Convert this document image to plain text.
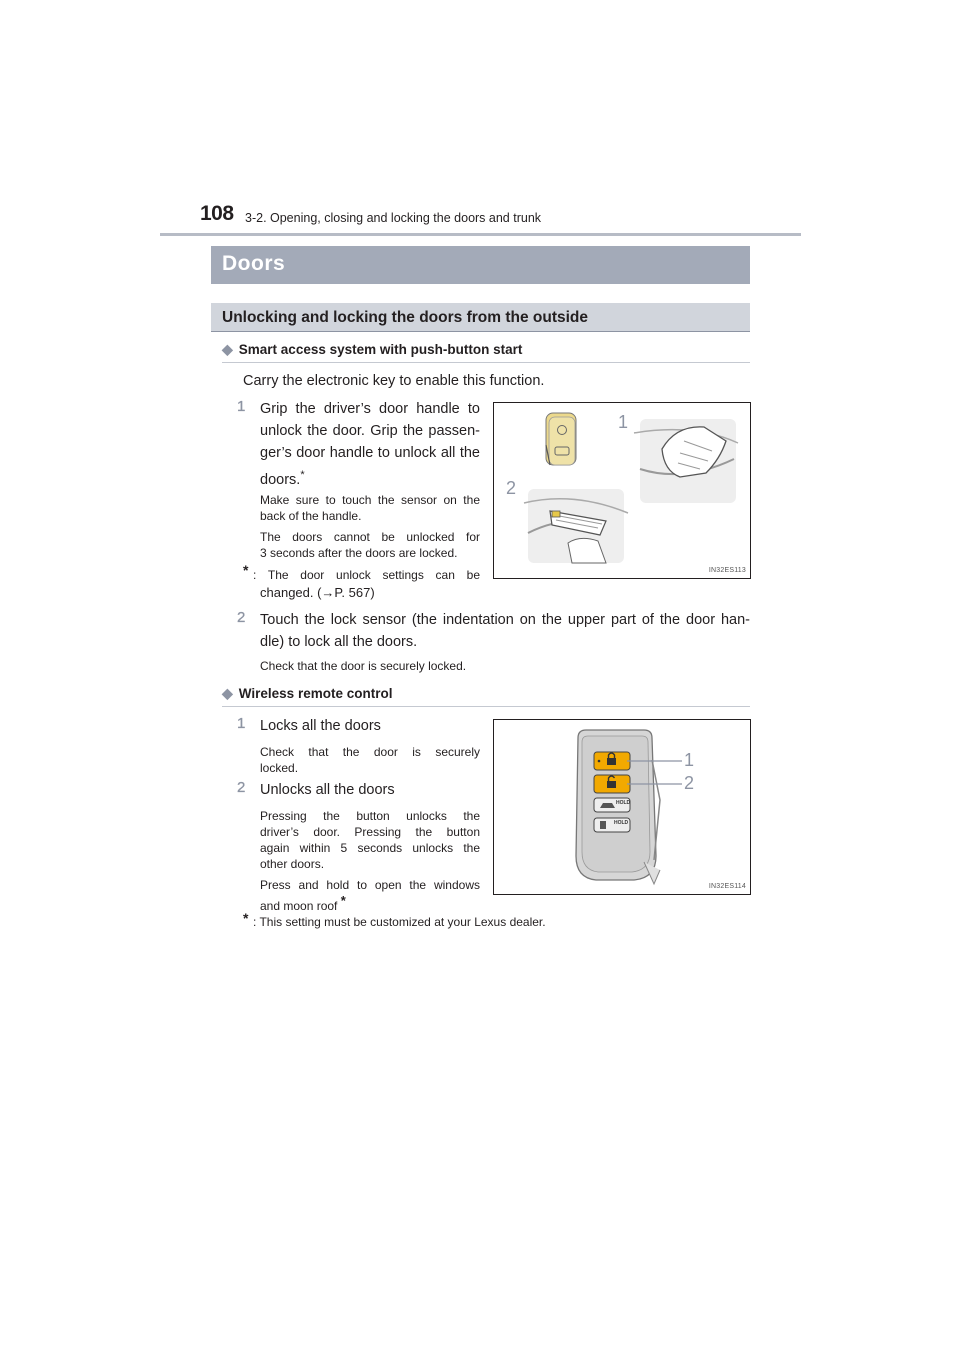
108 3-2. Opening, closing and locking the doors and trunk
Doors
Unlocking and locking the doors from the outside
◆ Smart access system with push-button start
Carry the electronic key to enable this function.
1 Grip the driver’s door handle to
unlock the door. Grip the passen-
ger’s door handle to unlock all the
doors.*
Make sure to touch the sensor on the
back of the handle.
The doors cannot be unlocked for
3 seconds after the doors are locked.
* : The door unlock settings can be
changed. (→P. 567)
1
2
IN32ES113
2 Touch the lock sensor (the indentation on the upper part of the door han-
dle) to lock all the doors.
Check that the door is securely locked.
◆ Wireless remote control
1 Locks all the doors
Check that the door is securely
locked.
2 Unlocks all the doors
Pressing the button unlocks the
driver’s door. Pressing the button
again within 5 seconds unlocks the
other doors.
Press and hold to open the windows
and moon roof *
HOLD
HOLD
1
2
IN32ES114
* : This setting must be customized at your Lexus dealer.
